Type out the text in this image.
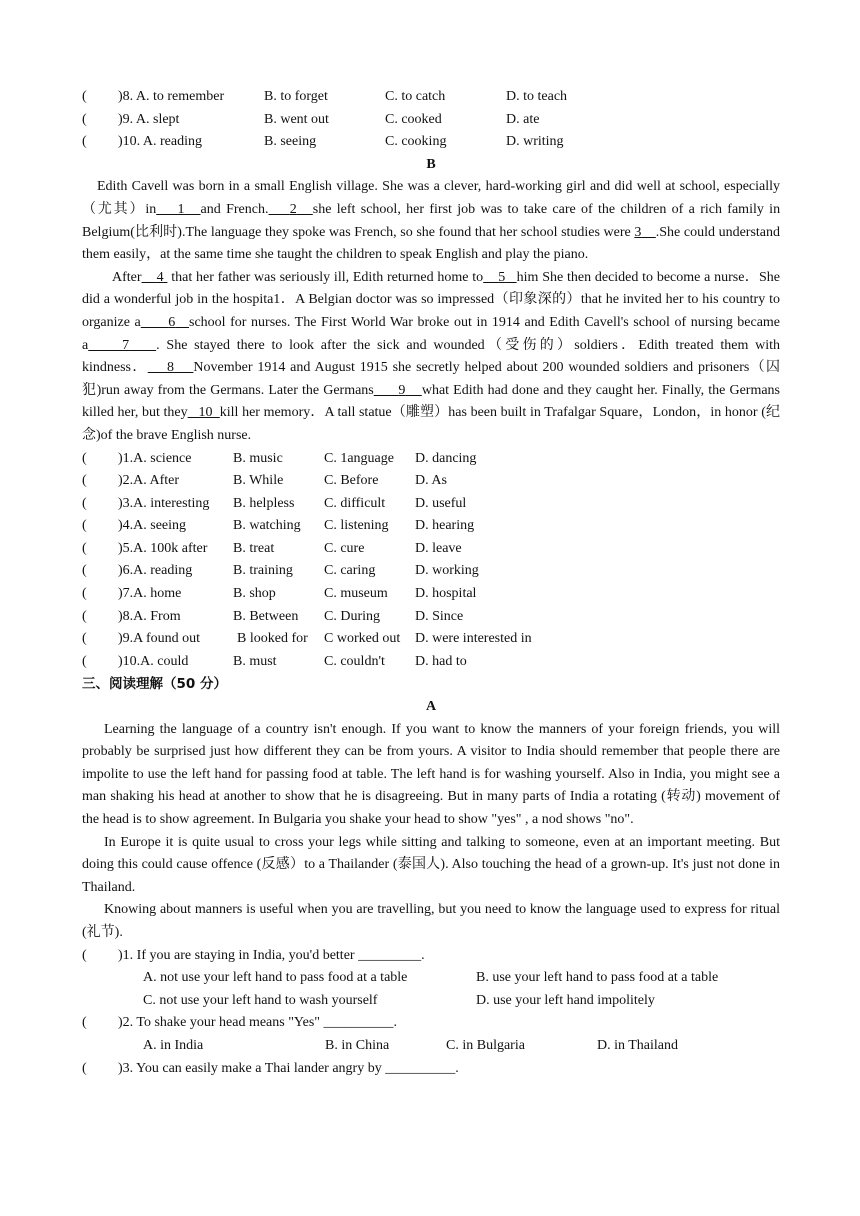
( )8. A. to remember	B. to forget	C. to catch	D. to teach
( )9. A. slept	B. went out	C. cooked	D. ate
( )10. A. reading	B. seeing	C. cooking	D. writing
B

Edith Cavell was born in a small English village. She was a clever, hard-working girl and did well at school, especially（尤其）in 1 and French. 2 she left school, her first job was to take care of the children of a rich family in Belgium(比利时).The language they spoke was French, so she found that her school studies were 3 .She could understand them easily，at the same time she taught the children to speak English and play the piano.

After 4  that her father was seriously ill, Edith returned home to 5 him She then decided to become a nurse．She did a wonderful job in the hospita1．A Belgian doctor was so impressed（印象深的）that he invited her to his country to organize a 6 school for nurses. The First World War broke out in 1914 and Edith Cavell's school of nursing became a 7 . She stayed there to look after the sick and wounded（受伤的）soldiers．Edith treated them with kindness． 8 November 1914 and August 1915 she secretly helped about 200 wounded soldiers and prisoners（囚犯)run away from the Germans. Later the Germans 9 what Edith had done and they caught her. Finally, the Germans killed her, but they 10 kill her memory．A tall statue（雕塑）has been built in Trafalgar Square，London，in honor (纪念)of the brave English nurse.

( )1.A. science	B. music	C. 1anguage D. dancing
( )2.A. After	B. While	C. Before	D. As
( )3.A. interesting B. helpless C. difficult D. useful
( )4.A. seeing	B. watching C. listening D. hearing
( )5.A. 100k after B. treat	C. cure	D. leave
( )6.A. reading	B. training C. caring	D. working
( )7.A. home	B. shop	C. museum D. hospital
( )8.A. From	B. Between C. During	D. Since
( )9.A found out	B looked for C worked out D. were interested in
( )10.A. could	B. must	C. couldn't D. had to
三、阅读理解（50 分）
A

Learning the language of a country isn't enough. If you want to know the manners of your foreign friends, you will probably be surprised just how different they can be from yours. A visitor to India should remember that people there are impolite to use the left hand for passing food at table. The left hand is for washing yourself. Also in India, you might see a man shaking his head at another to show that he is disagreeing. But in many parts of India a rotating (转动) movement of the head is to show agreement. In Bulgaria you shake your head to show "yes" , a nod shows "no".

In Europe it is quite usual to cross your legs while sitting and talking to someone, even at an important meeting. But doing this could cause offence (反感）to a Thailander (泰国人). Also touching the head of a grown-up. It's just not done in Thailand.

Knowing about manners is useful when you are travelling, but you need to know the language used to express for ritual (礼节).

( )1. If you are staying in India, you'd better _________.
A. not use your left hand to pass food at a table	B. use your left hand to pass food at a table
C. not use your left hand to wash yourself	D. use your left hand impolitely
( )2. To shake your head means "Yes" __________.
A. in India	B. in China	C. in Bulgaria	D. in Thailand
( )3. You can easily make a Thai lander angry by __________.
